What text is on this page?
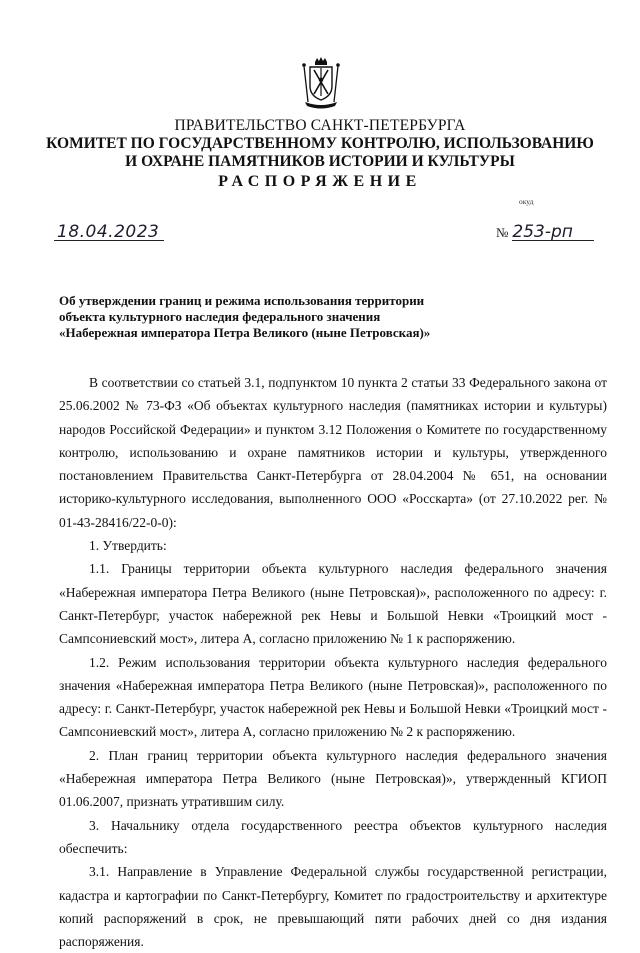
ПРАВИТЕЛЬСТВО САНКТ-ПЕТЕРБУРГА
КОМИТЕТ ПО ГОСУДАРСТВЕННОМУ КОНТРОЛЮ, ИСПОЛЬЗОВАНИЮ
И ОХРАНЕ ПАМЯТНИКОВ ИСТОРИИ И КУЛЬТУРЫ
РАСПОРЯЖЕНИЕ
окуд
18.04.2023	№ 253-рп
Об утверждении границ и режима использования территории
объекта культурного наследия федерального значения
«Набережная императора Петра Великого (ныне Петровская)»

В соответствии со статьей 3.1, подпунктом 10 пункта 2 статьи 33 Федерального закона от 25.06.2002 № 73-ФЗ «Об объектах культурного наследия (памятниках истории и культуры) народов Российской Федерации» и пунктом 3.12 Положения о Комитете по государственному контролю, использованию и охране памятников истории и культуры, утвержденного постановлением Правительства Санкт-Петербурга от 28.04.2004 № 651, на основании историко-культурного исследования, выполненного ООО «Росскарта» (от 27.10.2022 рег. № 01-43-28416/22-0-0):

1. Утвердить:

1.1. Границы территории объекта культурного наследия федерального значения «Набережная императора Петра Великого (ныне Петровская)», расположенного по адресу: г. Санкт-Петербург, участок набережной рек Невы и Большой Невки «Троицкий мост - Сампсониевский мост», литера А, согласно приложению № 1 к распоряжению.

1.2. Режим использования территории объекта культурного наследия федерального значения «Набережная императора Петра Великого (ныне Петровская)», расположенного по адресу: г. Санкт-Петербург, участок набережной рек Невы и Большой Невки «Троицкий мост - Сампсониевский мост», литера А, согласно приложению № 2 к распоряжению.

2. План границ территории объекта культурного наследия федерального значения «Набережная императора Петра Великого (ныне Петровская)», утвержденный КГИОП 01.06.2007, признать утратившим силу.

3. Начальнику отдела государственного реестра объектов культурного наследия обеспечить:

3.1. Направление в Управление Федеральной службы государственной регистрации, кадастра и картографии по Санкт-Петербургу, Комитет по градостроительству и архитектуре копий распоряжений в срок, не превышающий пяти рабочих дней со дня издания распоряжения.
